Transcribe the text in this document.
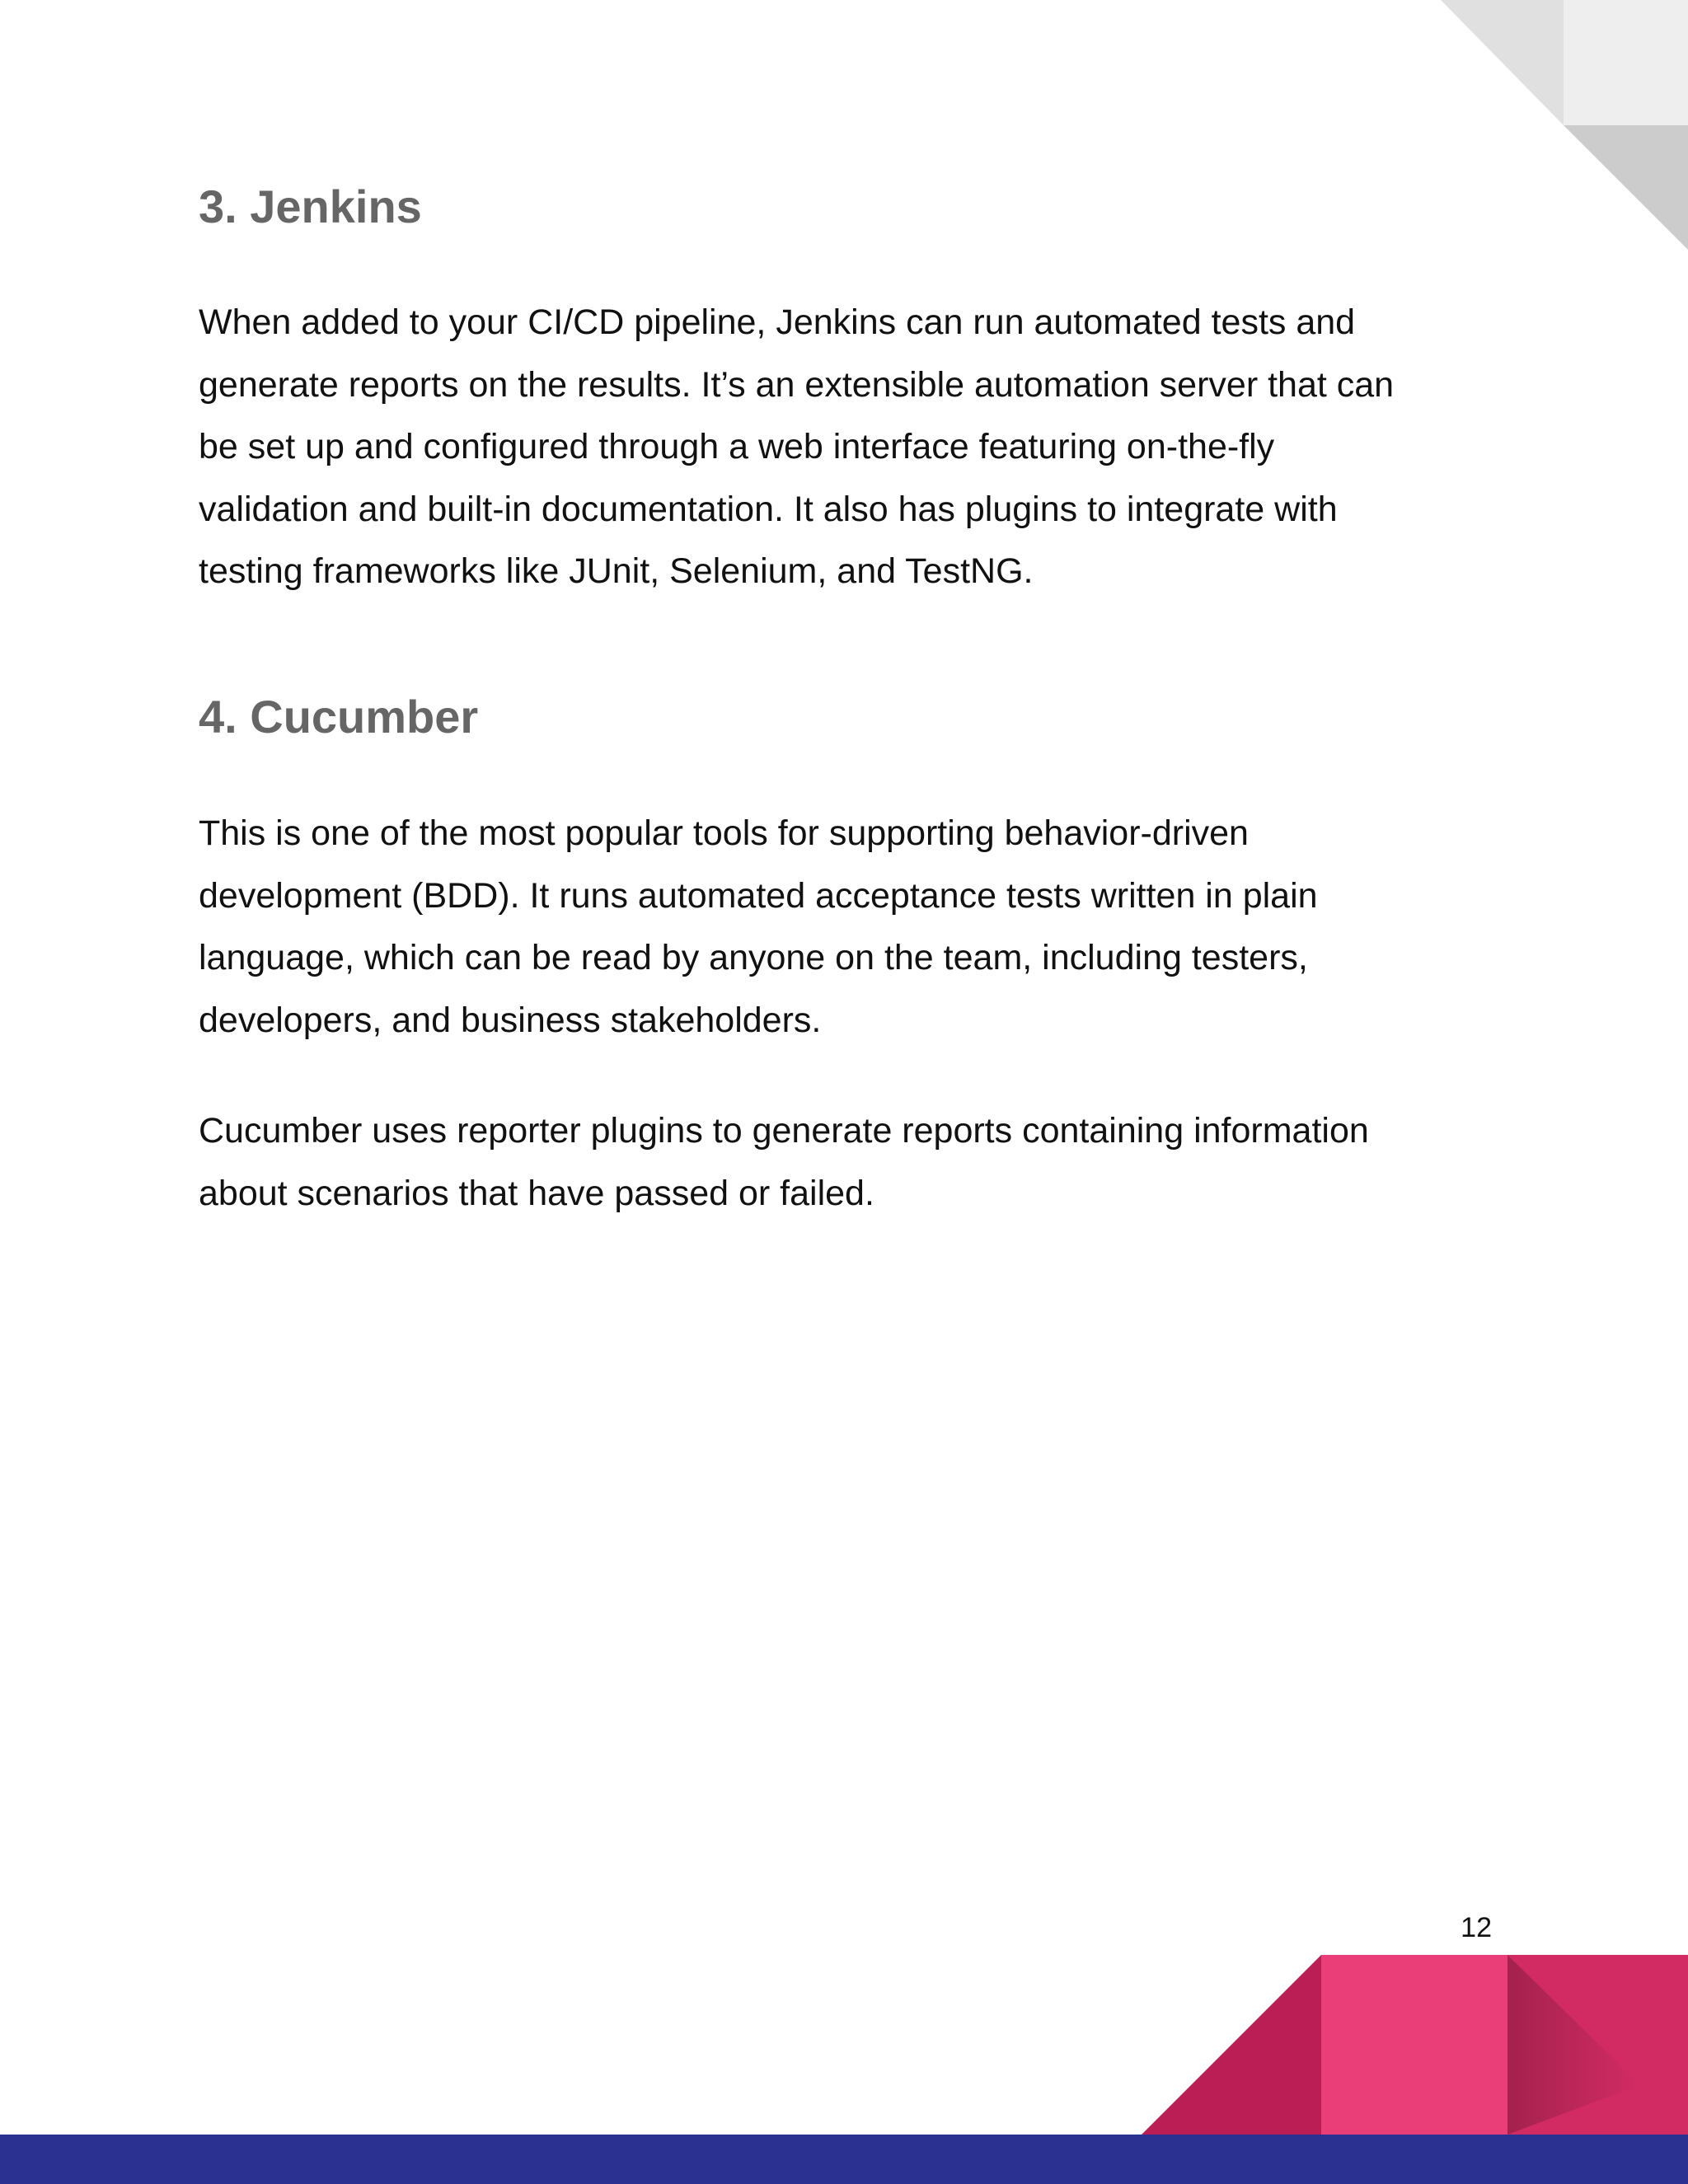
3. Jenkins

When added to your CI/CD pipeline, Jenkins can run automated tests and
generate reports on the results. It’s an extensible automation server that can
be set up and configured through a web interface featuring on-the-fly
validation and built-in documentation. It also has plugins to integrate with
testing frameworks like JUnit, Selenium, and TestNG.

4. Cucumber

This is one of the most popular tools for supporting behavior-driven
development (BDD). It runs automated acceptance tests written in plain
language, which can be read by anyone on the team, including testers,
developers, and business stakeholders.

Cucumber uses reporter plugins to generate reports containing information
about scenarios that have passed or failed.

12
